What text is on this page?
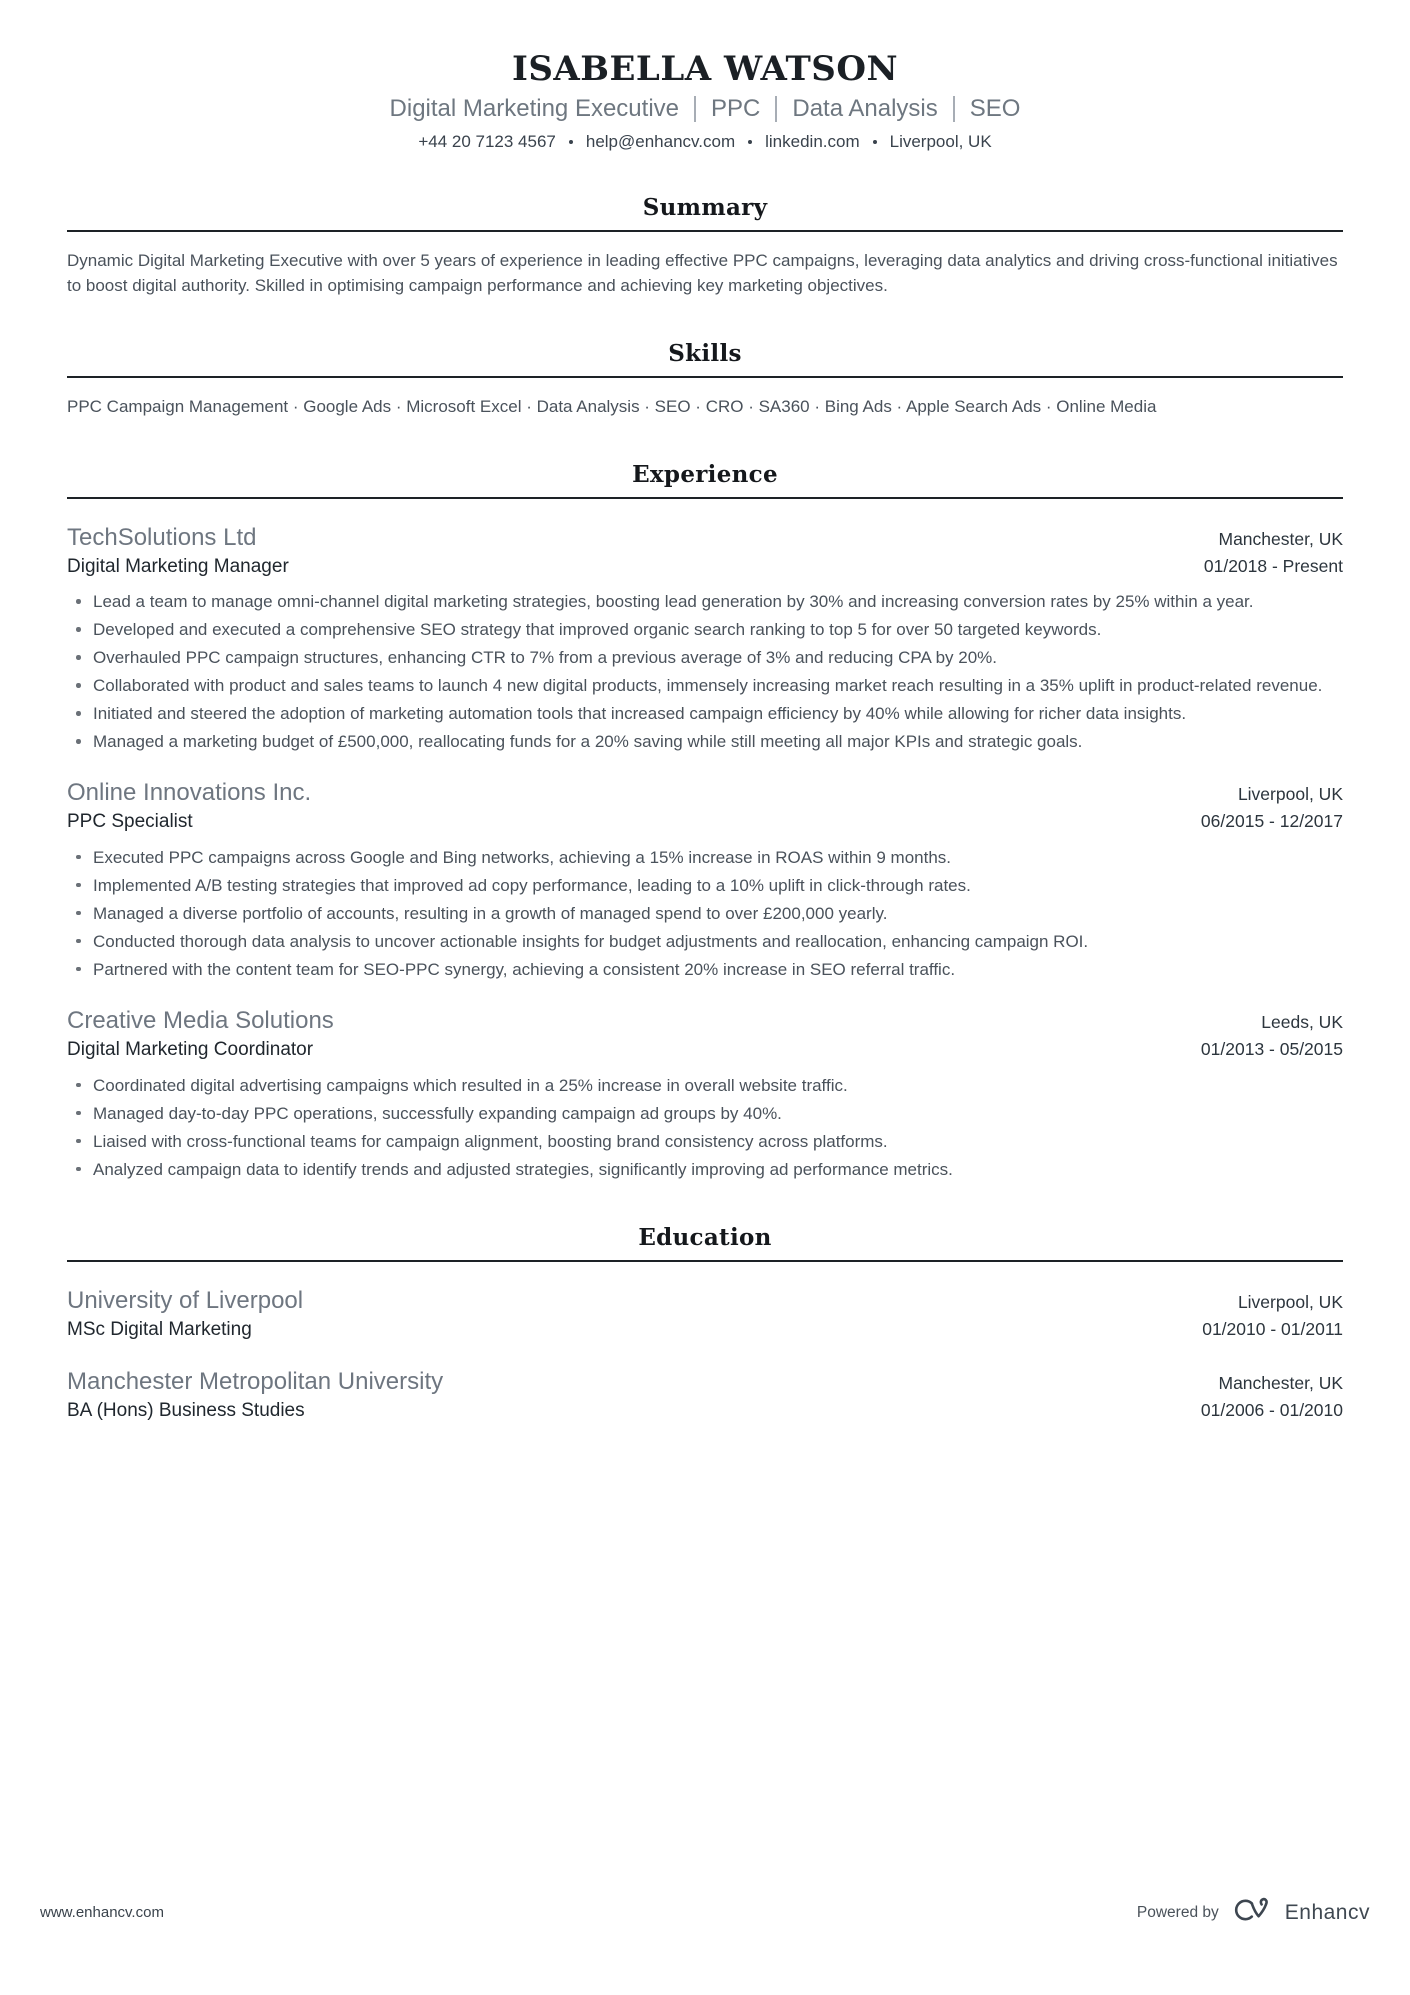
ISABELLA WATSON
Digital Marketing Executive PPC Data Analysis SEO
+44 20 7123 4567 help@enhancv.com linkedin.com Liverpool, UK
Summary
Dynamic Digital Marketing Executive with over 5 years of experience in leading effective PPC campaigns, leveraging data analytics and driving cross-functional initiatives to boost digital authority. Skilled in optimising campaign performance and achieving key marketing objectives.
Skills
PPC Campaign Management · Google Ads · Microsoft Excel · Data Analysis · SEO · CRO · SA360 · Bing Ads · Apple Search Ads · Online Media
Experience
TechSolutions Ltd	Manchester, UK
Digital Marketing Manager	01/2018 - Present
Lead a team to manage omni-channel digital marketing strategies, boosting lead generation by 30% and increasing conversion rates by 25% within a year.
Developed and executed a comprehensive SEO strategy that improved organic search ranking to top 5 for over 50 targeted keywords.
Overhauled PPC campaign structures, enhancing CTR to 7% from a previous average of 3% and reducing CPA by 20%.
Collaborated with product and sales teams to launch 4 new digital products, immensely increasing market reach resulting in a 35% uplift in product-related revenue.
Initiated and steered the adoption of marketing automation tools that increased campaign efficiency by 40% while allowing for richer data insights.
Managed a marketing budget of £500,000, reallocating funds for a 20% saving while still meeting all major KPIs and strategic goals.
Online Innovations Inc.	Liverpool, UK
PPC Specialist	06/2015 - 12/2017
Executed PPC campaigns across Google and Bing networks, achieving a 15% increase in ROAS within 9 months.
Implemented A/B testing strategies that improved ad copy performance, leading to a 10% uplift in click-through rates.
Managed a diverse portfolio of accounts, resulting in a growth of managed spend to over £200,000 yearly.
Conducted thorough data analysis to uncover actionable insights for budget adjustments and reallocation, enhancing campaign ROI.
Partnered with the content team for SEO-PPC synergy, achieving a consistent 20% increase in SEO referral traffic.
Creative Media Solutions	Leeds, UK
Digital Marketing Coordinator	01/2013 - 05/2015
Coordinated digital advertising campaigns which resulted in a 25% increase in overall website traffic.
Managed day-to-day PPC operations, successfully expanding campaign ad groups by 40%.
Liaised with cross-functional teams for campaign alignment, boosting brand consistency across platforms.
Analyzed campaign data to identify trends and adjusted strategies, significantly improving ad performance metrics.
Education
University of Liverpool	Liverpool, UK
MSc Digital Marketing	01/2010 - 01/2011
Manchester Metropolitan University	Manchester, UK
BA (Hons) Business Studies	01/2006 - 01/2010
www.enhancv.com	Powered by	Enhancv
